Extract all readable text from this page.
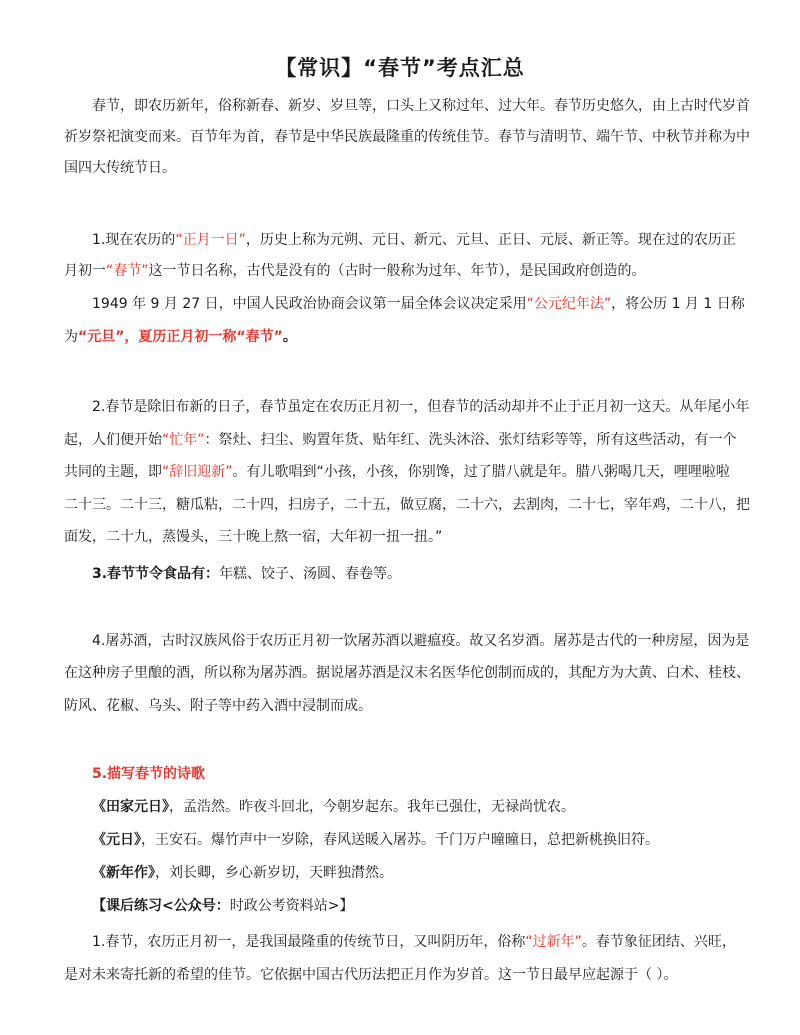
【常识】“春节”考点汇总
春节，即农历新年，俗称新春、新岁、岁旦等，口头上又称过年、过大年。春节历史悠久，由上古时代岁首
祈岁祭祀演变而来。百节年为首，春节是中华民族最隆重的传统佳节。春节与清明节、端午节、中秋节并称为中
国四大传统节日。
1.现在农历的“正月一日”，历史上称为元朔、元日、新元、元旦、正日、元辰、新正等。现在过的农历正
月初一“春节”这一节日名称，古代是没有的（古时一般称为过年、年节），是民国政府创造的。
1949 年 9 月 27 日，中国人民政治协商会议第一届全体会议决定采用“公元纪年法”，将公历 1 月 1 日称
为“元旦”，夏历正月初一称“春节”。
2.春节是除旧布新的日子，春节虽定在农历正月初一，但春节的活动却并不止于正月初一这天。从年尾小年
起，人们便开始“忙年”：祭灶、扫尘、购置年货、贴年红、洗头沐浴、张灯结彩等等，所有这些活动，有一个
共同的主题，即“辞旧迎新”。有儿歌唱到“小孩，小孩，你别馋，过了腊八就是年。腊八粥喝几天，哩哩啦啦
二十三。二十三，糖瓜粘，二十四，扫房子，二十五，做豆腐，二十六，去割肉，二十七，宰年鸡，二十八，把
面发，二十九，蒸馒头，三十晚上熬一宿，大年初一扭一扭。”
3.春节节令食品有：年糕、饺子、汤圆、春卷等。
4.屠苏酒，古时汉族风俗于农历正月初一饮屠苏酒以避瘟疫。故又名岁酒。屠苏是古代的一种房屋，因为是
在这种房子里酿的酒，所以称为屠苏酒。据说屠苏酒是汉末名医华佗创制而成的，其配方为大黄、白术、桂枝、
防风、花椒、乌头、附子等中药入酒中浸制而成。
5.描写春节的诗歌
《田家元日》，孟浩然。昨夜斗回北，今朝岁起东。我年已强仕，无禄尚忧农。
《元日》，王安石。爆竹声中一岁除，春风送暖入屠苏。千门万户曈曈日，总把新桃换旧符。
《新年作》，刘长卿，乡心新岁切，天畔独潸然。
【课后练习<公众号：时政公考资料站>】
1.春节，农历正月初一，是我国最隆重的传统节日，又叫阴历年，俗称“过新年”。春节象征团结、兴旺，
是对未来寄托新的希望的佳节。它依据中国古代历法把正月作为岁首。这一节日最早应起源于（ ）。
